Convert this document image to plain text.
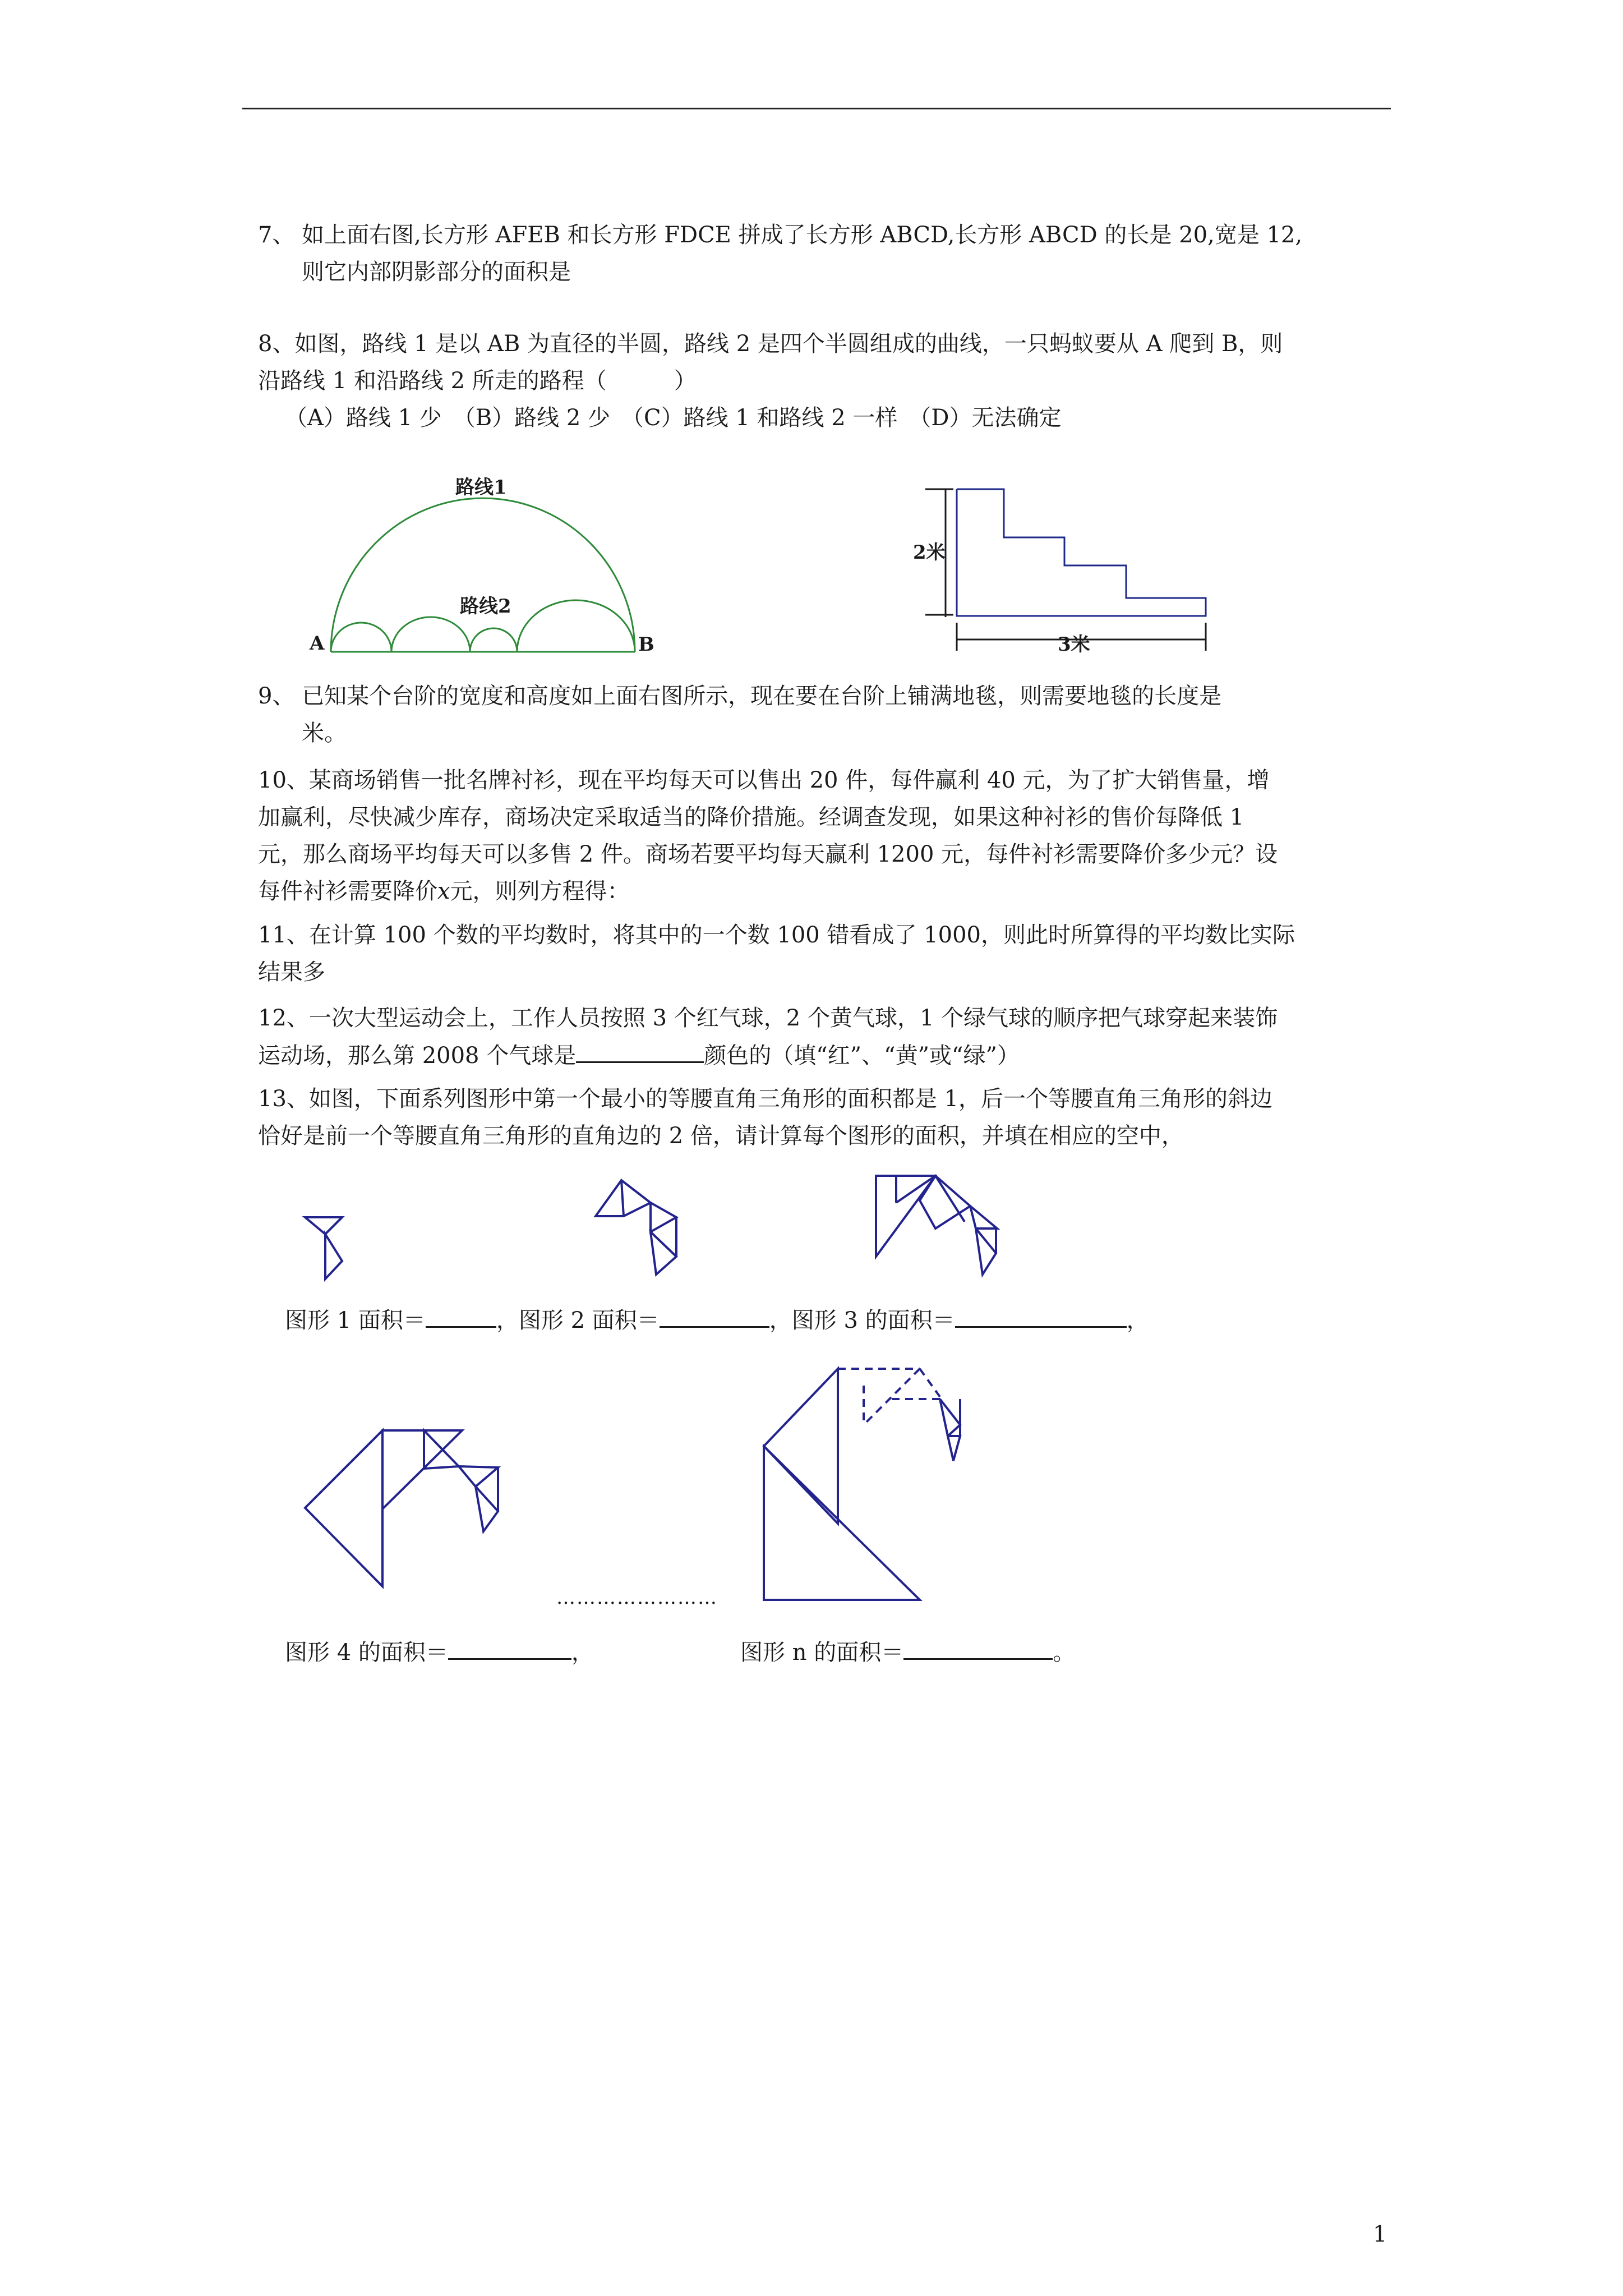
7、 如上面右图,长方形 AFEB 和长方形 FDCE 拼成了长方形 ABCD,长方形 ABCD 的长是 20,宽是 12,
则它内部阴影部分的面积是
8、如图，路线 1 是以 AB 为直径的半圆，路线 2 是四个半圆组成的曲线，一只蚂蚁要从 A 爬到 B，则
沿路线 1 和沿路线 2 所走的路程（　　　）
（A）路线 1 少　（B）路线 2 少　（C）路线 1 和路线 2 一样　（D）无法确定
路线1
路线2
A	B
2米
3米
9、 已知某个台阶的宽度和高度如上面右图所示，现在要在台阶上铺满地毯，则需要地毯的长度是
米。
10、某商场销售一批名牌衬衫，现在平均每天可以售出 20 件，每件赢利 40 元，为了扩大销售量，增
加赢利，尽快减少库存，商场决定采取适当的降价措施。经调查发现，如果这种衬衫的售价每降低 1
元，那么商场平均每天可以多售 2 件。商场若要平均每天赢利 1200 元，每件衬衫需要降价多少元？设
每件衬衫需要降价x元，则列方程得：
11、在计算 100 个数的平均数时，将其中的一个数 100 错看成了 1000，则此时所算得的平均数比实际
结果多
12、一次大型运动会上，工作人员按照 3 个红气球，2 个黄气球，1 个绿气球的顺序把气球穿起来装饰
运动场，那么第 2008 个气球是	颜色的（填“红”、“黄”或“绿”）
13、如图，下面系列图形中第一个最小的等腰直角三角形的面积都是 1，后一个等腰直角三角形的斜边
恰好是前一个等腰直角三角形的直角边的 2 倍，请计算每个图形的面积，并填在相应的空中，
图形 1 面积＝	，图形 2 面积＝	，图形 3 的面积＝	，
……………………
图形 4 的面积＝	，	图形 n 的面积＝	。
1
